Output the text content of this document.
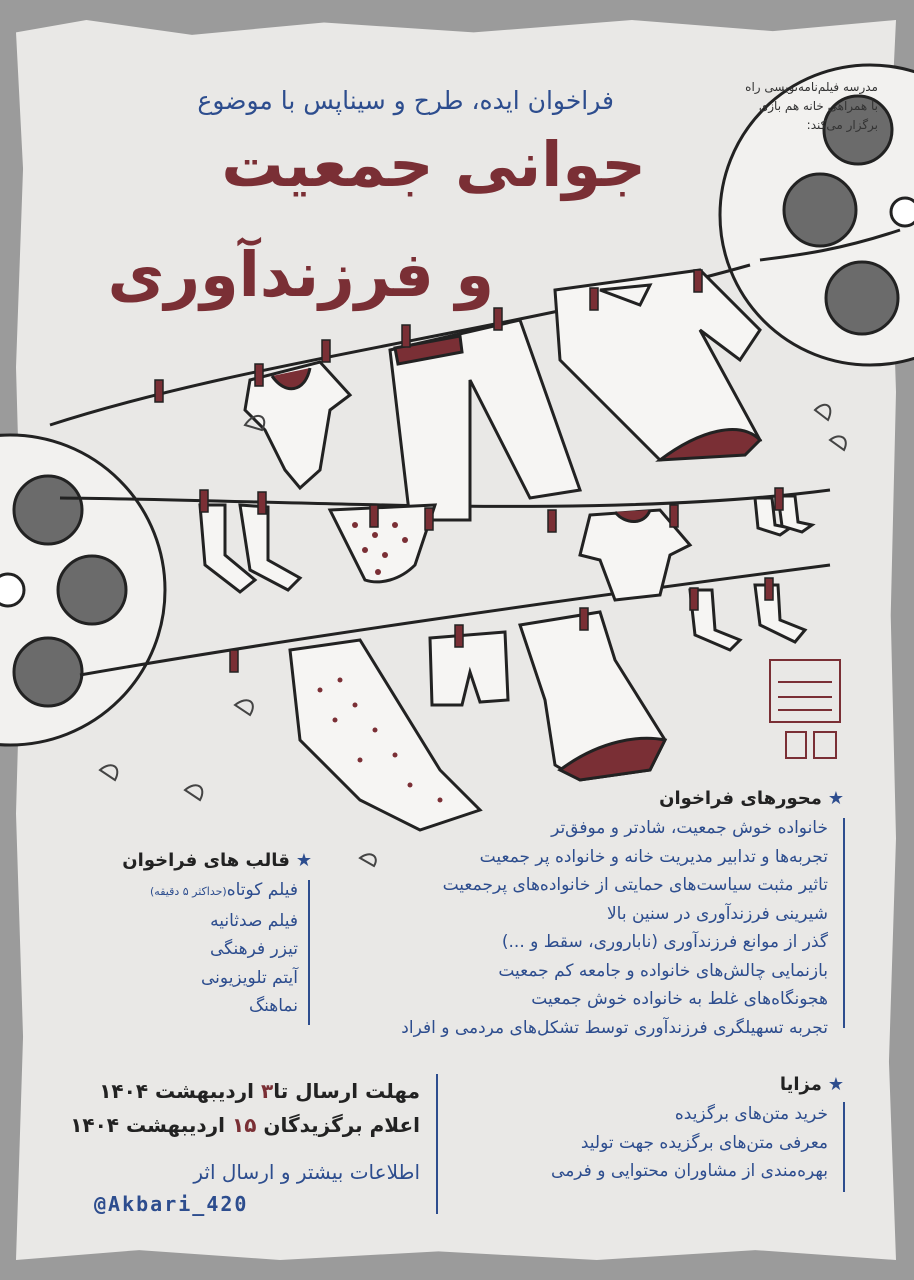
مدرسه فیلم‌نامه‌نویسی راه
با همراهی خانه هم بازی
برگزار می‌کند:
فراخوان ایده، طرح و سیناپس با موضوع
جوانی جمعیت
و فرزندآوری
★محورهای فراخوان
خانواده خوش جمعیت، شادتر و موفق‌تر
تجربه‌ها و تدابیر مدیریت خانه و خانواده پر جمعیت
تاثیر مثبت سیاست‌های حمایتی از خانواده‌های پرجمعیت
شیرینی فرزندآوری در سنین بالا
گذر از موانع فرزندآوری (ناباروری، سقط و ...)
بازنمایی چالش‌های خانواده و جامعه کم جمعیت
هجونگاه‌های غلط به خانواده خوش جمعیت
تجربه تسهیلگری فرزندآوری توسط تشکل‌های مردمی و افراد
★قالب های فراخوان
فیلم کوتاه(حداکثر ۵ دقیقه)
فیلم صدثانیه
تیزر فرهنگی
آیتم تلویزیونی
نماهنگ
★مزایا
خرید متن‌های برگزیده
معرفی متن‌های برگزیده جهت تولید
بهره‌مندی از مشاوران محتوایی و فرمی
مهلت ارسال تا۳ اردیبهشت ۱۴۰۴
اعلام برگزیدگان ۱۵ اردیبهشت ۱۴۰۴
اطلاعات بیشتر و ارسال اثر
@Akbari_420
